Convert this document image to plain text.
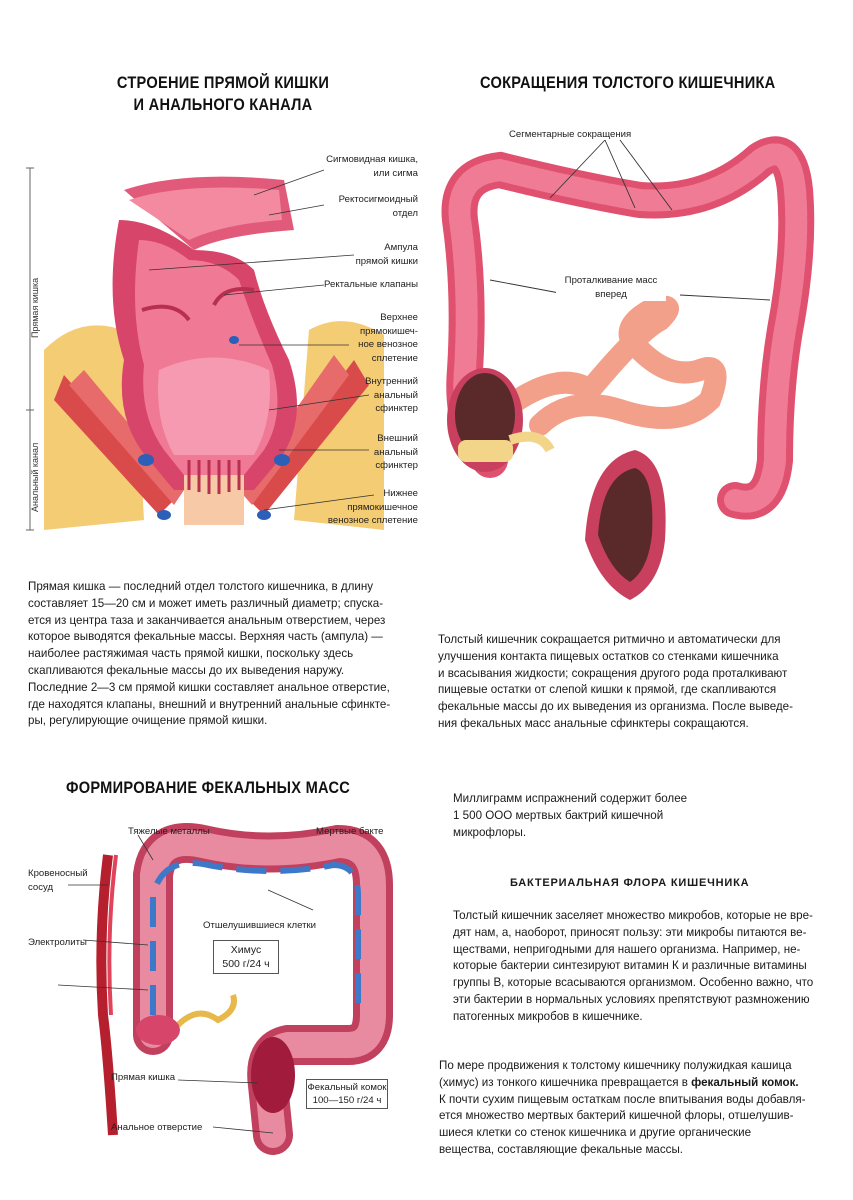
СТРОЕНИЕ ПРЯМОЙ КИШКИ
И АНАЛЬНОГО КАНАЛА
Прямая кишка
Анальный канал
Сигмовидная кишка,
или сигма
Ректосигмоидный
отдел
Ампула
прямой кишки
Ректальные клапаны
Верхнее
прямокишеч-
ное венозное
сплетение
Внутренний
анальный
сфинктер
Внешний
анальный
сфинктер
Нижнее
прямокишечное
венозное сплетение

Прямая кишка — последний отдел толстого кишечника, в длину

составляет 15—20 см и может иметь различный диаметр; спуска-

ется из центра таза и заканчивается анальным отверстием, через

которое выводятся фекальные массы. Верхняя часть (ампула) —

наиболее растяжимая часть прямой кишки, поскольку здесь

скапливаются фекальные массы до их выведения наружу.

Последние 2—3 см прямой кишки составляет анальное отверстие,

где находятся клапаны, внешний и внутренний анальные сфинкте-

ры, регулирующие очищение прямой кишки.

СОКРАЩЕНИЯ ТОЛСТОГО КИШЕЧНИКА
Сегментарные сокращения
Проталкивание масс
вперед

Толстый кишечник сокращается ритмично и автоматически для

улучшения контакта пищевых остатков со стенками кишечника

и всасывания жидкости; сокращения другого рода проталкивают

пищевые остатки от слепой кишки к прямой, где скапливаются

фекальные массы до их выведения из организма. После выведе-

ния фекальных масс анальные сфинктеры сокращаются.

ФОРМИРОВАНИЕ ФЕКАЛЬНЫХ МАСС
Тяжелые металлы	Мертвые бакте
Кровеносный
сосуд
Электролиты
Отшелушившиеся клетки
Химус
500 г/24 ч
Прямая кишка
Фекальный комок
100—150 г/24 ч
Анальное отверстие

Миллиграмм испражнений содержит более

1 500 ООО мертвых бактрий кишечной

микрофлоры.

БАКТЕРИАЛЬНАЯ ФЛОРА КИШЕЧНИКА

Толстый кишечник заселяет множество микробов, которые не вре-

дят нам, а, наоборот, приносят пользу: эти микробы питаются ве-

ществами, непригодными для нашего организма. Например, не-

которые бактерии синтезируют витамин К и различные витамины

группы В, которые всасываются организмом. Особенно важно, что

эти бактерии в нормальных условиях препятствуют размножению

патогенных микробов в кишечнике.

По мере продвижения к толстому кишечнику полужидкая кашица

(химус) из тонкого кишечника превращается в фекальный комок.

К почти сухим пищевым остаткам после впитывания воды добавля-

ется множество мертвых бактерий кишечной флоры, отшелушив-

шиеся клетки со стенок кишечника и другие органические

вещества, составляющие фекальные массы.
